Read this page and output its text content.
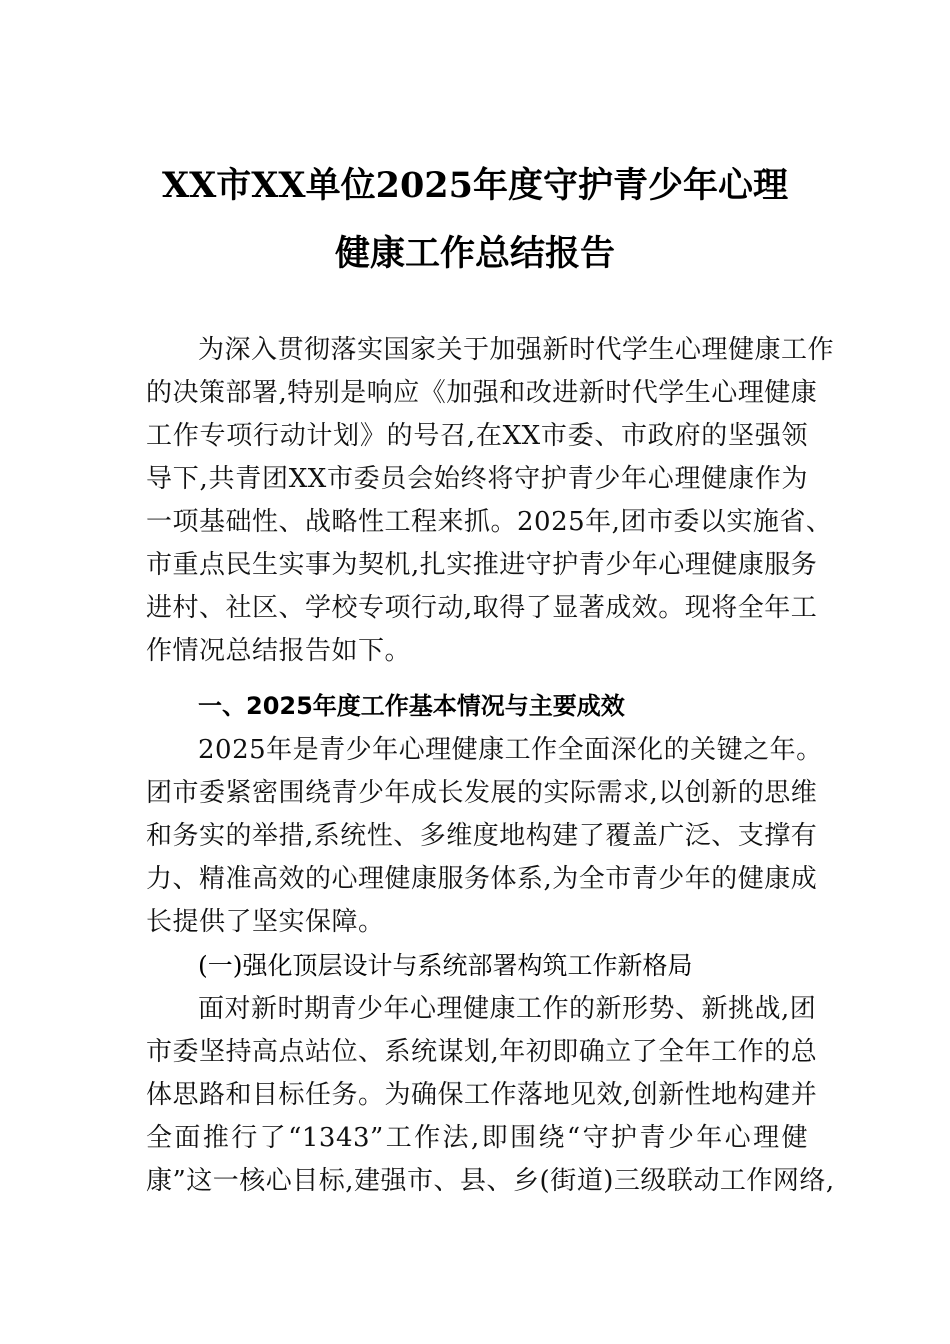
XX市XX单位2025年度守护青少年心理
健康工作总结报告
为深入贯彻落实国家关于加强新时代学生心理健康工作
的决策部署,特别是响应《加强和改进新时代学生心理健康
工作专项行动计划》的号召,在XX市委、市政府的坚强领
导下,共青团XX市委员会始终将守护青少年心理健康作为
一项基础性、战略性工程来抓。2025年,团市委以实施省、
市重点民生实事为契机,扎实推进守护青少年心理健康服务
进村、社区、学校专项行动,取得了显著成效。现将全年工
作情况总结报告如下。
一、2025年度工作基本情况与主要成效
2025年是青少年心理健康工作全面深化的关键之年。
团市委紧密围绕青少年成长发展的实际需求,以创新的思维
和务实的举措,系统性、多维度地构建了覆盖广泛、支撑有
力、精准高效的心理健康服务体系,为全市青少年的健康成
长提供了坚实保障。
(一)强化顶层设计与系统部署构筑工作新格局
面对新时期青少年心理健康工作的新形势、新挑战,团
市委坚持高点站位、系统谋划,年初即确立了全年工作的总
体思路和目标任务。为确保工作落地见效,创新性地构建并
全面推行了“1343”工作法,即围绕“守护青少年心理健
康”这一核心目标,建强市、县、乡(街道)三级联动工作网络,
